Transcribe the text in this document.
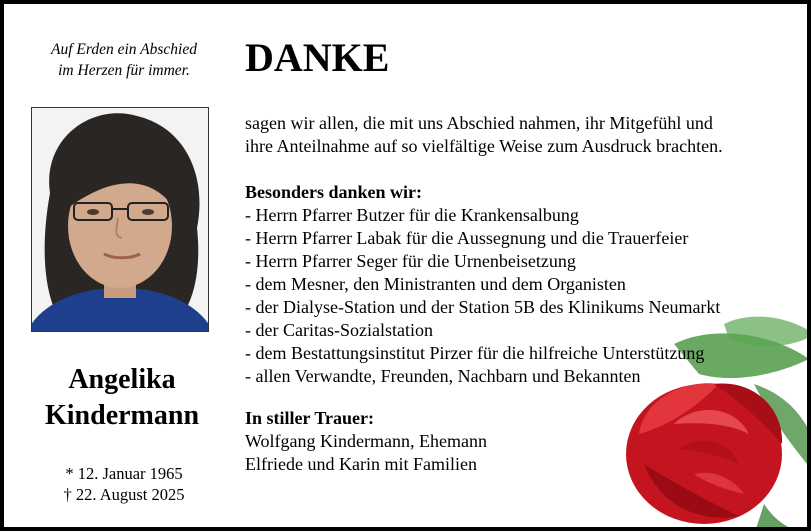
Auf Erden ein Abschied
im Herzen für immer.
Angelika
Kindermann
* 12. Januar 1965
† 22. August 2025
DANKE
sagen wir allen, die mit uns Abschied nahmen, ihr Mitgefühl und
ihre Anteilnahme auf so vielfältige Weise zum Ausdruck brachten.
Besonders danken wir:
- Herrn Pfarrer Butzer für die Krankensalbung
- Herrn Pfarrer Labak für die Aussegnung und die Trauerfeier
- Herrn Pfarrer Seger für die Urnenbeisetzung
- dem Mesner, den Ministranten und dem Organisten
- der Dialyse-Station und der Station 5B des Klinikums Neumarkt
- der Caritas-Sozialstation
- dem Bestattungsinstitut Pirzer für die hilfreiche Unterstützung
- allen Verwandte, Freunden, Nachbarn und Bekannten
In stiller Trauer:
Wolfgang Kindermann, Ehemann
Elfriede und Karin mit Familien
